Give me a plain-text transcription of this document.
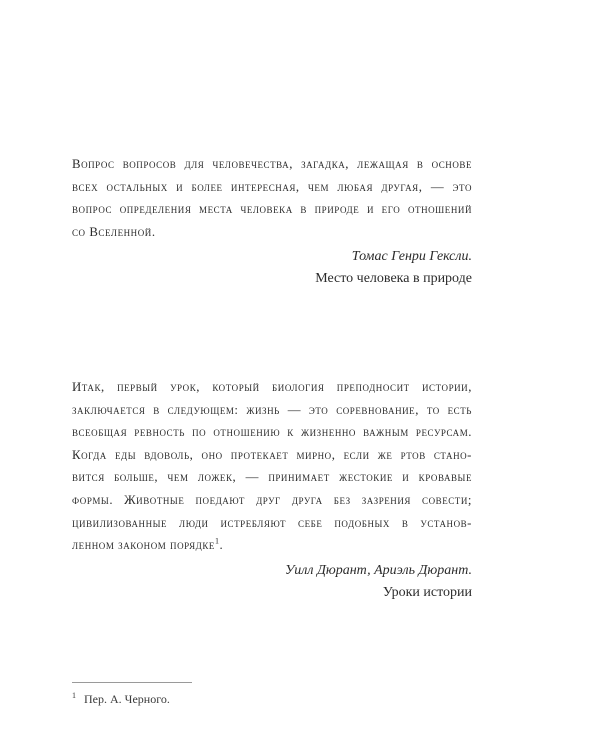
Вопрос вопросов для человечества, загадка, лежащая в основе
всех остальных и более интересная, чем любая другая, — это
вопрос определения места человека в природе и его отношений
со Вселенной.

Томас Генри Гексли.
Место человека в природе

Итак, первый урок, который биология преподносит истории,
заключается в следующем: жизнь — это соревнование, то есть
всеобщая ревность по отношению к жизненно важным ресурсам.
Когда еды вдоволь, оно протекает мирно, если же ртов стано-
вится больше, чем ложек, — принимает жестокие и кровавые
формы. Животные поедают друг друга без зазрения совести;
цивилизованные люди истребляют себе подобных в установ-
ленном законом порядке$^1$.

Уилл Дюрант, Ариэль Дюрант.
Уроки истории
$^1$ Пер. А. Черного.
